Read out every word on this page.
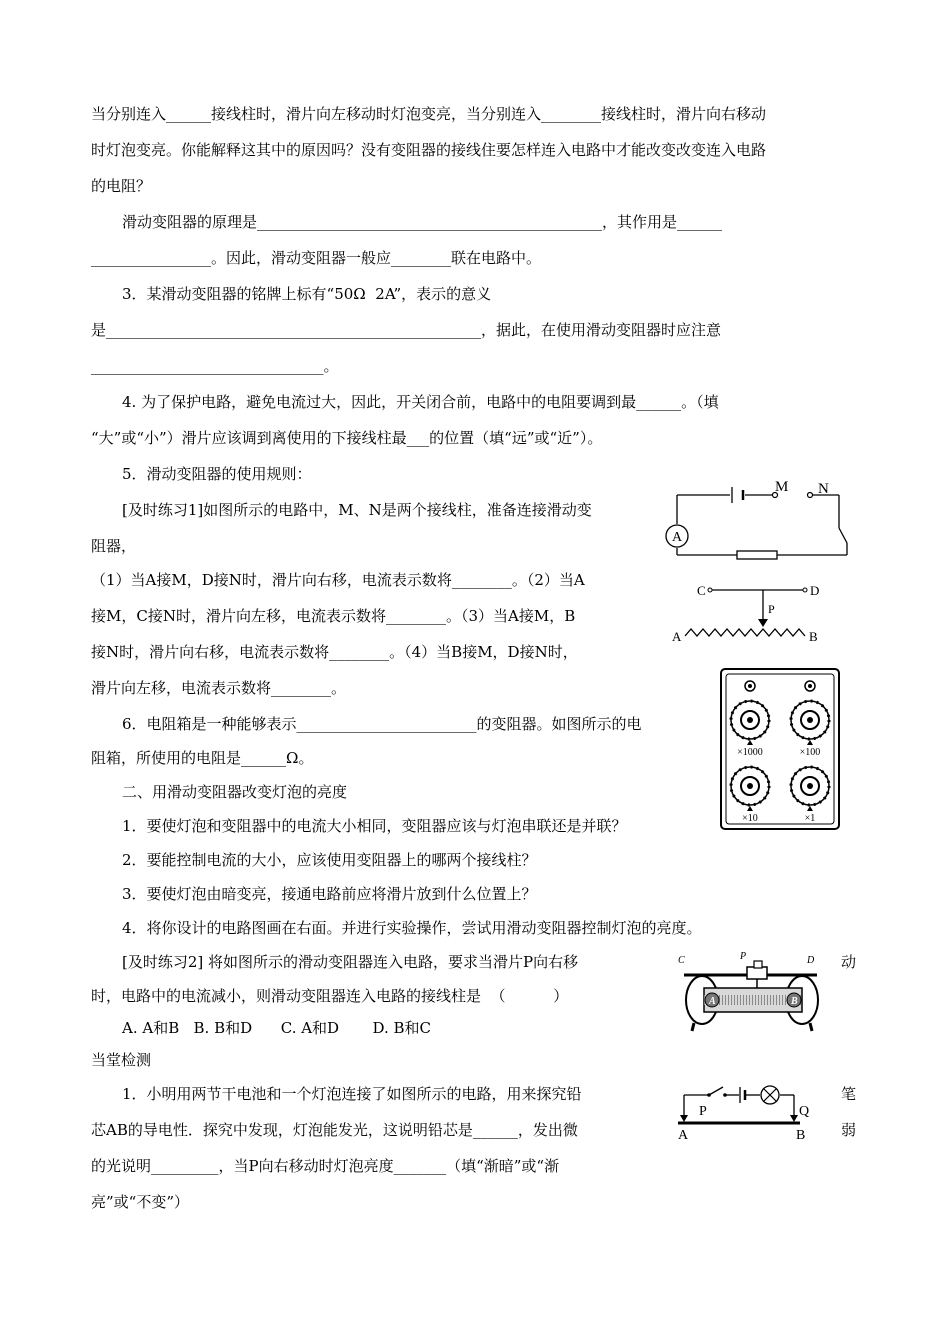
当分别连入______接线柱时，滑片向左移动时灯泡变亮，当分别连入________接线柱时，滑片向右移动

时灯泡变亮。你能解释这其中的原因吗？没有变阻器的接线住要怎样连入电路中才能改变改变连入电路

的电阻？

滑动变阻器的原理是______________________________________________，其作用是______

________________。因此，滑动变阻器一般应________联在电路中。

3．某滑动变阻器的铭牌上标有“50Ω  2A”，表示的意义

是__________________________________________________，据此，在使用滑动变阻器时应注意

_______________________________。

4. 为了保护电路，避免电流过大，因此，开关闭合前，电路中的电阻要调到最______。（填

“大”或“小”）滑片应该调到离使用的下接线柱最___的位置（填“远”或“近”）。

5．滑动变阻器的使用规则：

[及时练习1]如图所示的电路中，M、N是两个接线柱，准备连接滑动变

阻器，

（1）当A接M，D接N时，滑片向右移，电流表示数将________。（2）当A

接M，C接N时，滑片向左移，电流表示数将________。（3）当A接M，B

接N时，滑片向右移，电流表示数将________。（4）当B接M，D接N时，

滑片向左移，电流表示数将________。

6．电阻箱是一种能够表示________________________的变阻器。如图所示的电

阻箱，所使用的电阻是______Ω。

二、用滑动变阻器改变灯泡的亮度

1．要使灯泡和变阻器中的电流大小相同，变阻器应该与灯泡串联还是并联？

2．要能控制电流的大小，应该使用变阻器上的哪两个接线柱？

3．要使灯泡由暗变亮，接通电路前应将滑片放到什么位置上？

4．将你设计的电路图画在右面。并进行实验操作，尝试用滑动变阻器控制灯泡的亮度。

[及时练习2] 将如图所示的滑动变阻器连入电路，要求当滑片P向右移	动

时，电路中的电流减小，则滑动变阻器连入电路的接线柱是  （          ）

A. A和B   B. B和D      C. A和D       D. B和C

当堂检测

1．小明用两节干电池和一个灯泡连接了如图所示的电路，用来探究铅	笔

芯AB的导电性．探究中发现，灯泡能发光，这说明铅芯是______，发出微	弱

的光说明_________，当P向右移动时灯泡亮度_______（填“渐暗”或“渐

亮”或“不变”）

M N
A
C	D
P
A	B
×1000	×100
×10	×1
C	P	D
A	B
P	Q
A	B
